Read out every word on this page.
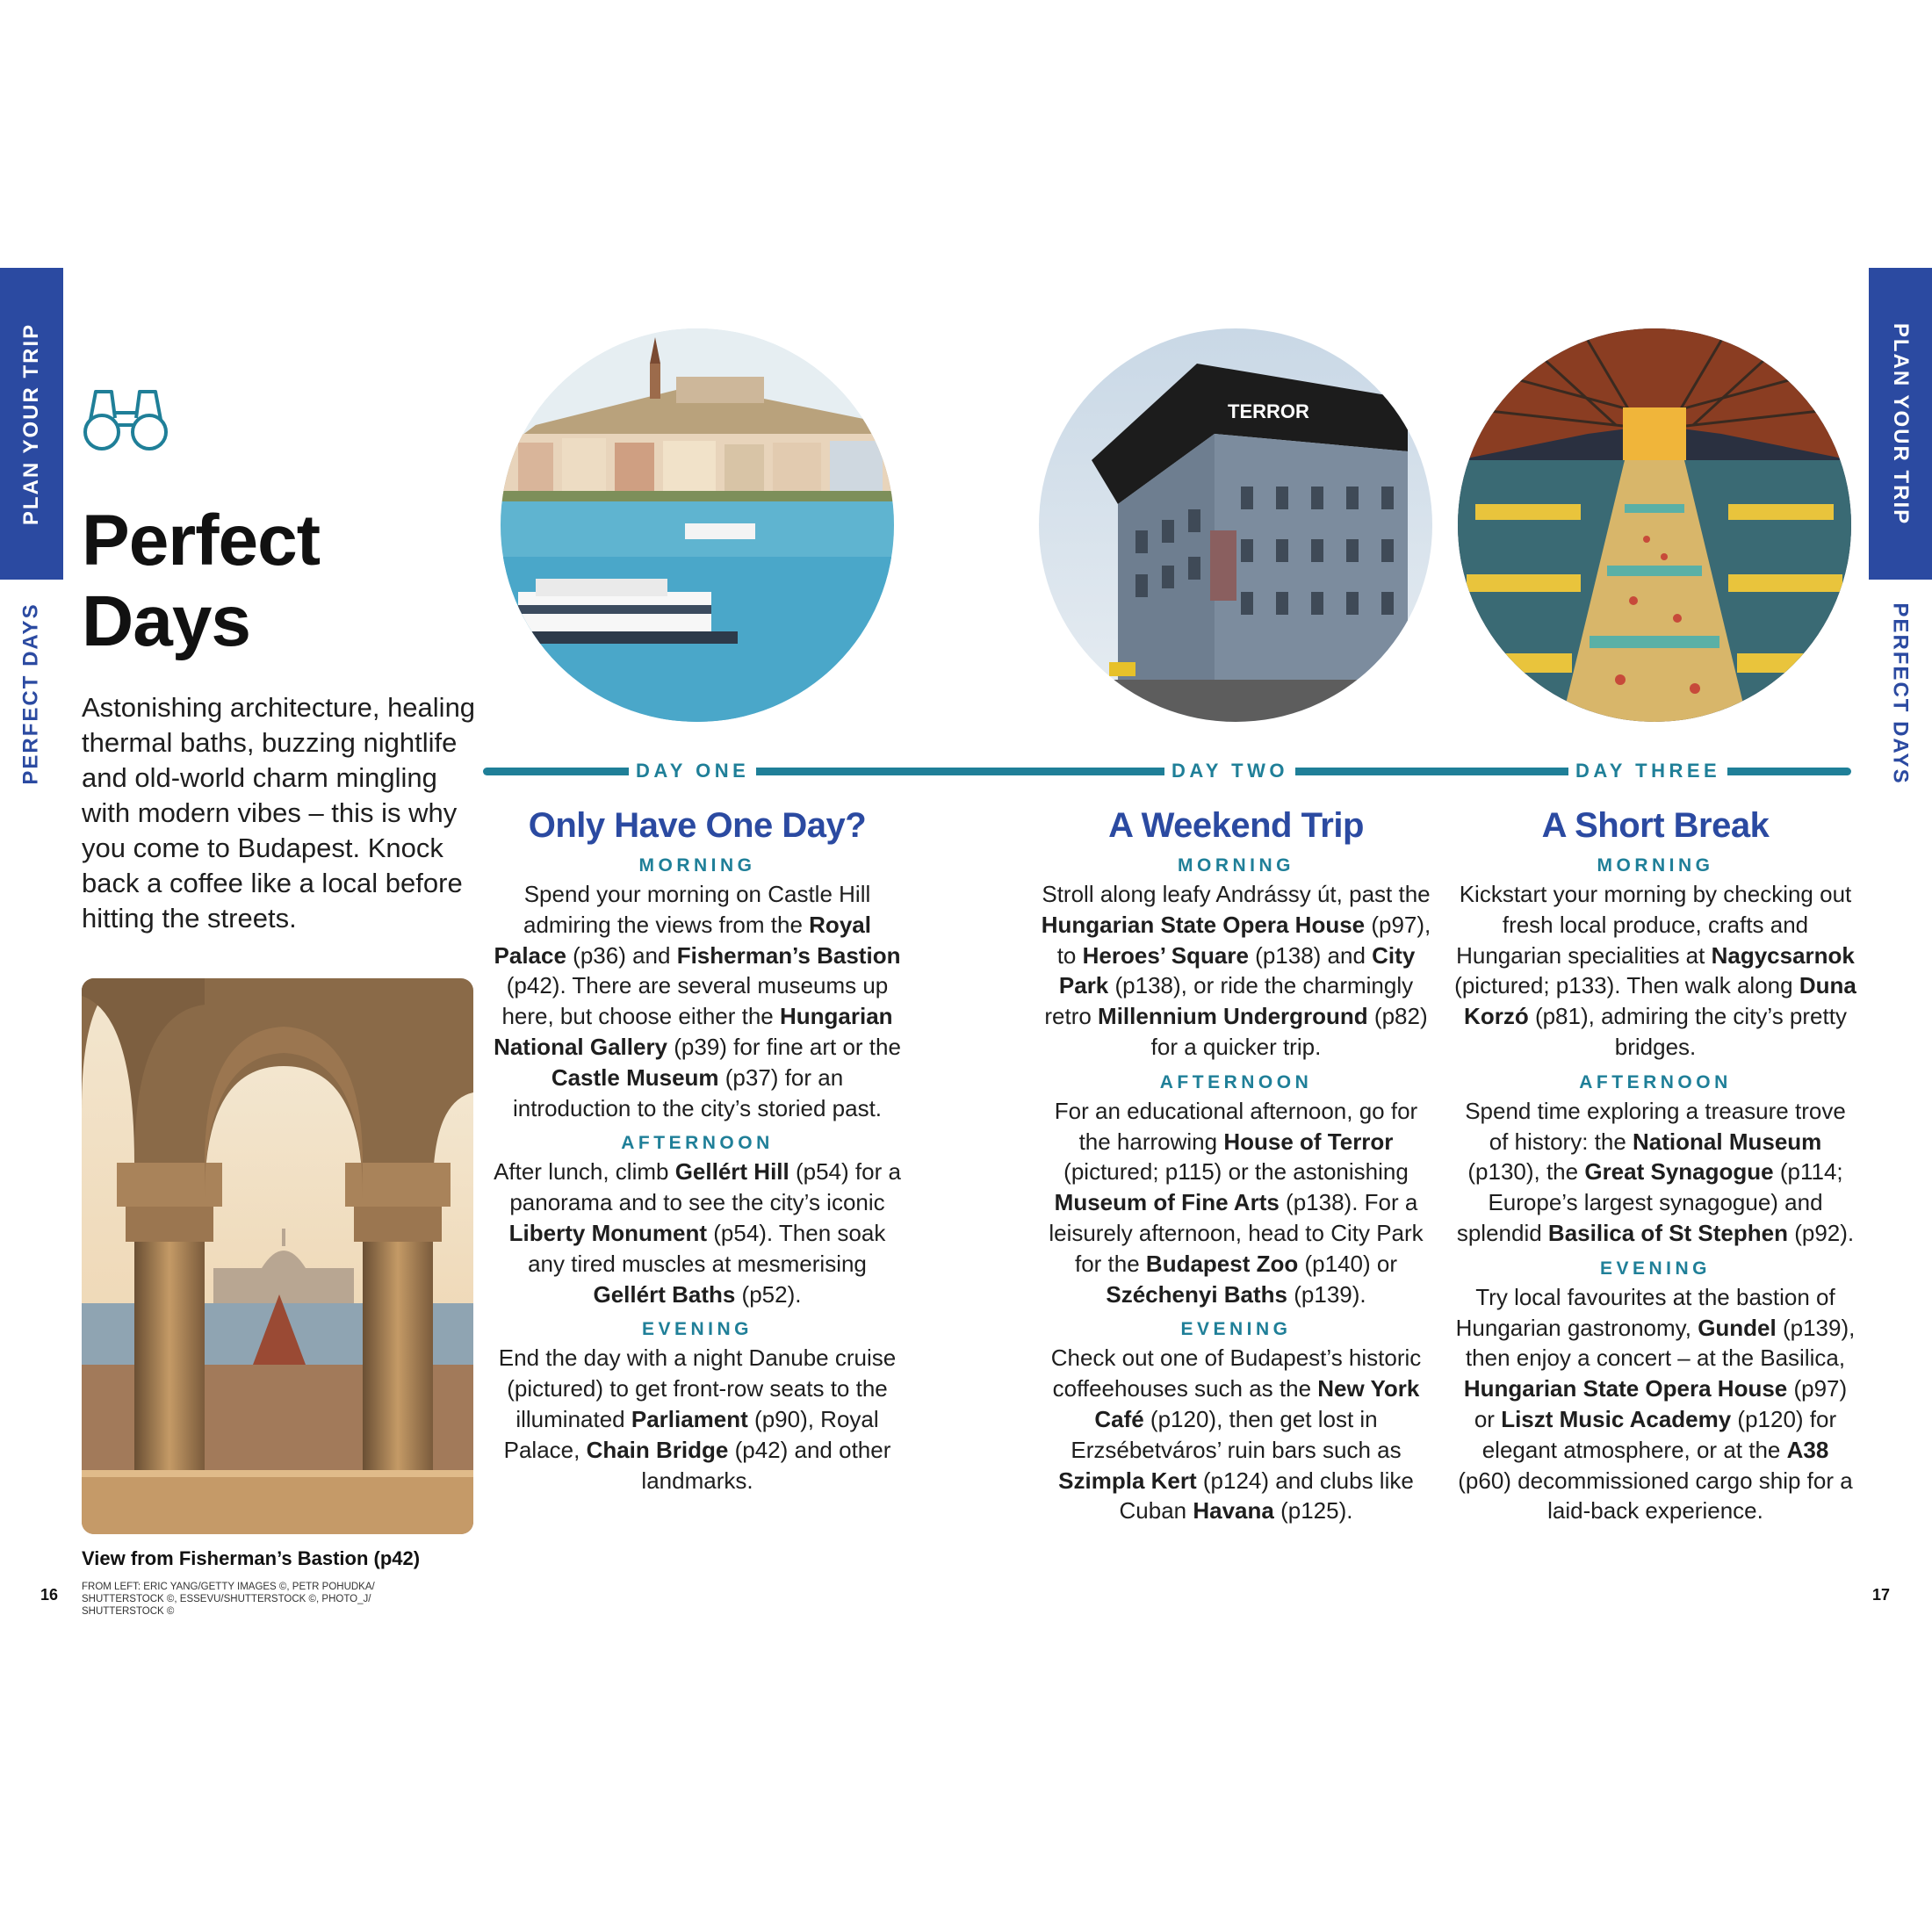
PLAN YOUR TRIP
PERFECT DAYS
PLAN YOUR TRIP
PERFECT DAYS
Perfect
Days
Astonishing architecture, healing thermal baths, buzzing nightlife and old-world charm mingling with modern vibes – this is why you come to Budapest. Knock back a coffee like a local before hitting the streets.
View from Fisherman’s Bastion (p42)
16 FROM LEFT: ERIC YANG/GETTY IMAGES ©, PETR POHUDKA/ SHUTTERSTOCK ©, ESSEVU/SHUTTERSTOCK ©, PHOTO_J/ SHUTTERSTOCK ©
17
TERROR
DAY ONE	DAY TWO	DAY THREE
Only Have One Day?
MORNING

Spend your morning on Castle Hill admiring the views from the Royal Palace (p36) and Fisherman’s Bastion (p42). There are several museums up here, but choose either the Hungarian National Gallery (p39) for fine art or the Castle Museum (p37) for an introduction to the city’s storied past.

AFTERNOON

After lunch, climb Gellért Hill (p54) for a panorama and to see the city’s iconic Liberty Monument (p54). Then soak any tired muscles at mesmerising Gellért Baths (p52).

EVENING

End the day with a night Danube cruise (pictured) to get front-row seats to the illuminated Parliament (p90), Royal Palace, Chain Bridge (p42) and other landmarks.

A Weekend Trip
MORNING

Stroll along leafy Andrássy út, past the Hungarian State Opera House (p97), to Heroes’ Square (p138) and City Park (p138), or ride the charmingly retro Millennium Underground (p82) for a quicker trip.

AFTERNOON

For an educational afternoon, go for the harrowing House of Terror (pictured; p115) or the astonishing Museum of Fine Arts (p138). For a leisurely afternoon, head to City Park for the Budapest Zoo (p140) or Széchenyi Baths (p139).

EVENING

Check out one of Budapest’s historic coffeehouses such as the New York Café (p120), then get lost in Erzsébetváros’ ruin bars such as Szimpla Kert (p124) and clubs like Cuban Havana (p125).

A Short Break
MORNING

Kickstart your morning by checking out fresh local produce, crafts and Hungarian specialities at Nagycsarnok (pictured; p133). Then walk along Duna Korzó (p81), admiring the city’s pretty bridges.

AFTERNOON

Spend time exploring a treasure trove of history: the National Museum (p130), the Great Synagogue (p114; Europe’s largest synagogue) and splendid Basilica of St Stephen (p92).

EVENING

Try local favourites at the bastion of Hungarian gastronomy, Gundel (p139), then enjoy a concert – at the Basilica, Hungarian State Opera House (p97) or Liszt Music Academy (p120) for elegant atmosphere, or at the A38 (p60) decommissioned cargo ship for a laid-back experience.
